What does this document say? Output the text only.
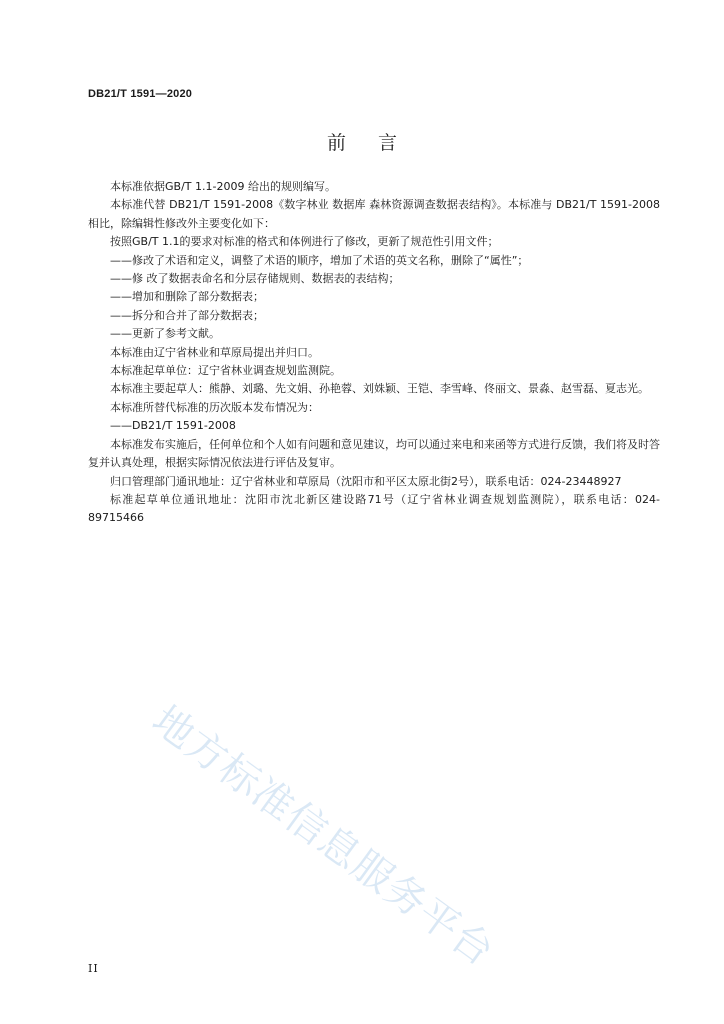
DB21/T 1591—2020
前言

本标准依据GB/T 1.1-2009 给出的规则编写。

本标准代替 DB21/T 1591-2008《数字林业 数据库 森林资源调查数据表结构》。本标准与 DB21/T 1591-2008 相比，除编辑性修改外主要变化如下：

按照GB/T 1.1的要求对标准的格式和体例进行了修改，更新了规范性引用文件；

——修改了术语和定义，调整了术语的顺序，增加了术语的英文名称，删除了“属性”；

——修 改了数据表命名和分层存储规则、数据表的表结构；

——增加和删除了部分数据表；

——拆分和合并了部分数据表；

——更新了参考文献。

本标准由辽宁省林业和草原局提出并归口。

本标准起草单位：辽宁省林业调查规划监测院。

本标准主要起草人：熊静、刘璐、先文娟、孙艳蓉、刘姝颖、王铠、李雪峰、佟丽文、景淼、赵雪磊、夏志光。

本标准所替代标准的历次版本发布情况为：

——DB21/T 1591-2008

本标准发布实施后，任何单位和个人如有问题和意见建议，均可以通过来电和来函等方式进行反馈，我们将及时答复并认真处理，根据实际情况依法进行评估及复审。

归口管理部门通讯地址：辽宁省林业和草原局（沈阳市和平区太原北街2号），联系电话：024-23448927

标准起草单位通讯地址：沈阳市沈北新区建设路71号（辽宁省林业调查规划监测院），联系电话：024-89715466

地方标准信息服务平台
II
